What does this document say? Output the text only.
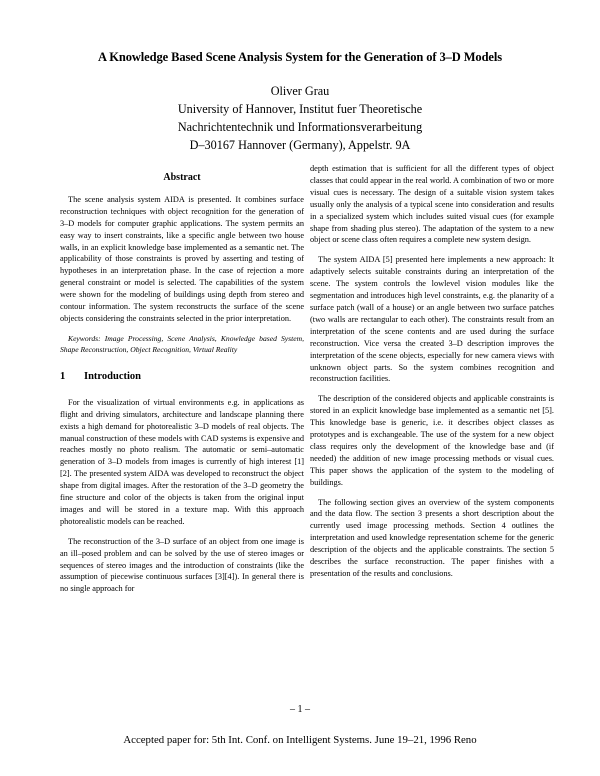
A Knowledge Based Scene Analysis System for the Generation of 3–D Models
Oliver Grau
University of Hannover, Institut fuer Theoretische
Nachrichtentechnik und Informationsverarbeitung
D–30167 Hannover (Germany), Appelstr. 9A
Abstract

The scene analysis system AIDA is presented. It combines surface reconstruction techniques with object recognition for the generation of 3–D models for computer graphic applications. The system permits an easy way to insert constraints, like a specific angle between two house walls, in an explicit knowledge base implemented as a semantic net. The applicability of those constraints is proved by asserting and testing of hypotheses in an interpretation phase. In the case of rejection a more general constraint or model is selected. The capabilities of the system were shown for the modeling of buildings using depth from stereo and contour information. The system reconstructs the surface of the scene objects considering the constraints selected in the prior interpretation.

Keywords: Image Processing, Scene Analysis, Knowledge based System, Shape Reconstruction, Object Recognition, Virtual Reality

1	Introduction

For the visualization of virtual environments e.g. in applications as flight and driving simulators, architecture and landscape planning there exists a high demand for photorealistic 3–D models of real objects. The manual construction of these models with CAD systems is expensive and reaches mostly no photo realism. The automatic or semi–automatic generation of 3–D models from images is currently of high interest [1][2]. The presented system AIDA was developed to reconstruct the object shape from digital images. After the restoration of the 3–D geometry the fine structure and color of the objects is taken from the original input images and will be stored in a texture map. With this approach photorealistic models can be reached.

The reconstruction of the 3–D surface of an object from one image is an ill–posed problem and can be solved by the use of stereo images or sequences of stereo images and the introduction of constraints (like the assumption of piecewise continuous surfaces [3][4]). In general there is no single approach for

depth estimation that is sufficient for all the different types of object classes that could appear in the real world. A combination of two or more visual cues is necessary. The design of a suitable vision system takes usually only the analysis of a typical scene into consideration and results in a specialized system which includes suited visual cues (for example shape from shading plus stereo). The adaptation of the system to a new object or scene class often requires a complete new system design.

The system AIDA [5] presented here implements a new approach: It adaptively selects suitable constraints during an interpretation of the scene. The system controls the lowlevel vision modules like the segmentation and introduces high level constraints, e.g. the planarity of a surface patch (wall of a house) or an angle between two surface patches (two walls are rectangular to each other). The constraints result from an interpretation of the scene contents and are used during the surface reconstruction. Vice versa the created 3–D description improves the interpretation of the scene objects, especially for new camera views with unknown object parts. So the system combines recognition and reconstruction facilities.

The description of the considered objects and applicable constraints is stored in an explicit knowledge base implemented as a semantic net [5]. This knowledge base is generic, i.e. it describes object classes as prototypes and is exchangeable. The use of the system for a new object class requires only the development of the knowledge base and (if needed) the addition of new image processing methods or visual cues. This paper shows the application of the system to the modeling of buildings.

The following section gives an overview of the system components and the data flow. The section 3 presents a short description about the currently used image processing methods. Section 4 outlines the interpretation and used knowledge representation scheme for the generic description of the objects and the applicable constraints. The section 5 describes the surface reconstruction. The paper finishes with a presentation of the results and conclusions.

– 1 –
Accepted paper for: 5th Int. Conf. on Intelligent Systems. June 19–21, 1996 Reno
